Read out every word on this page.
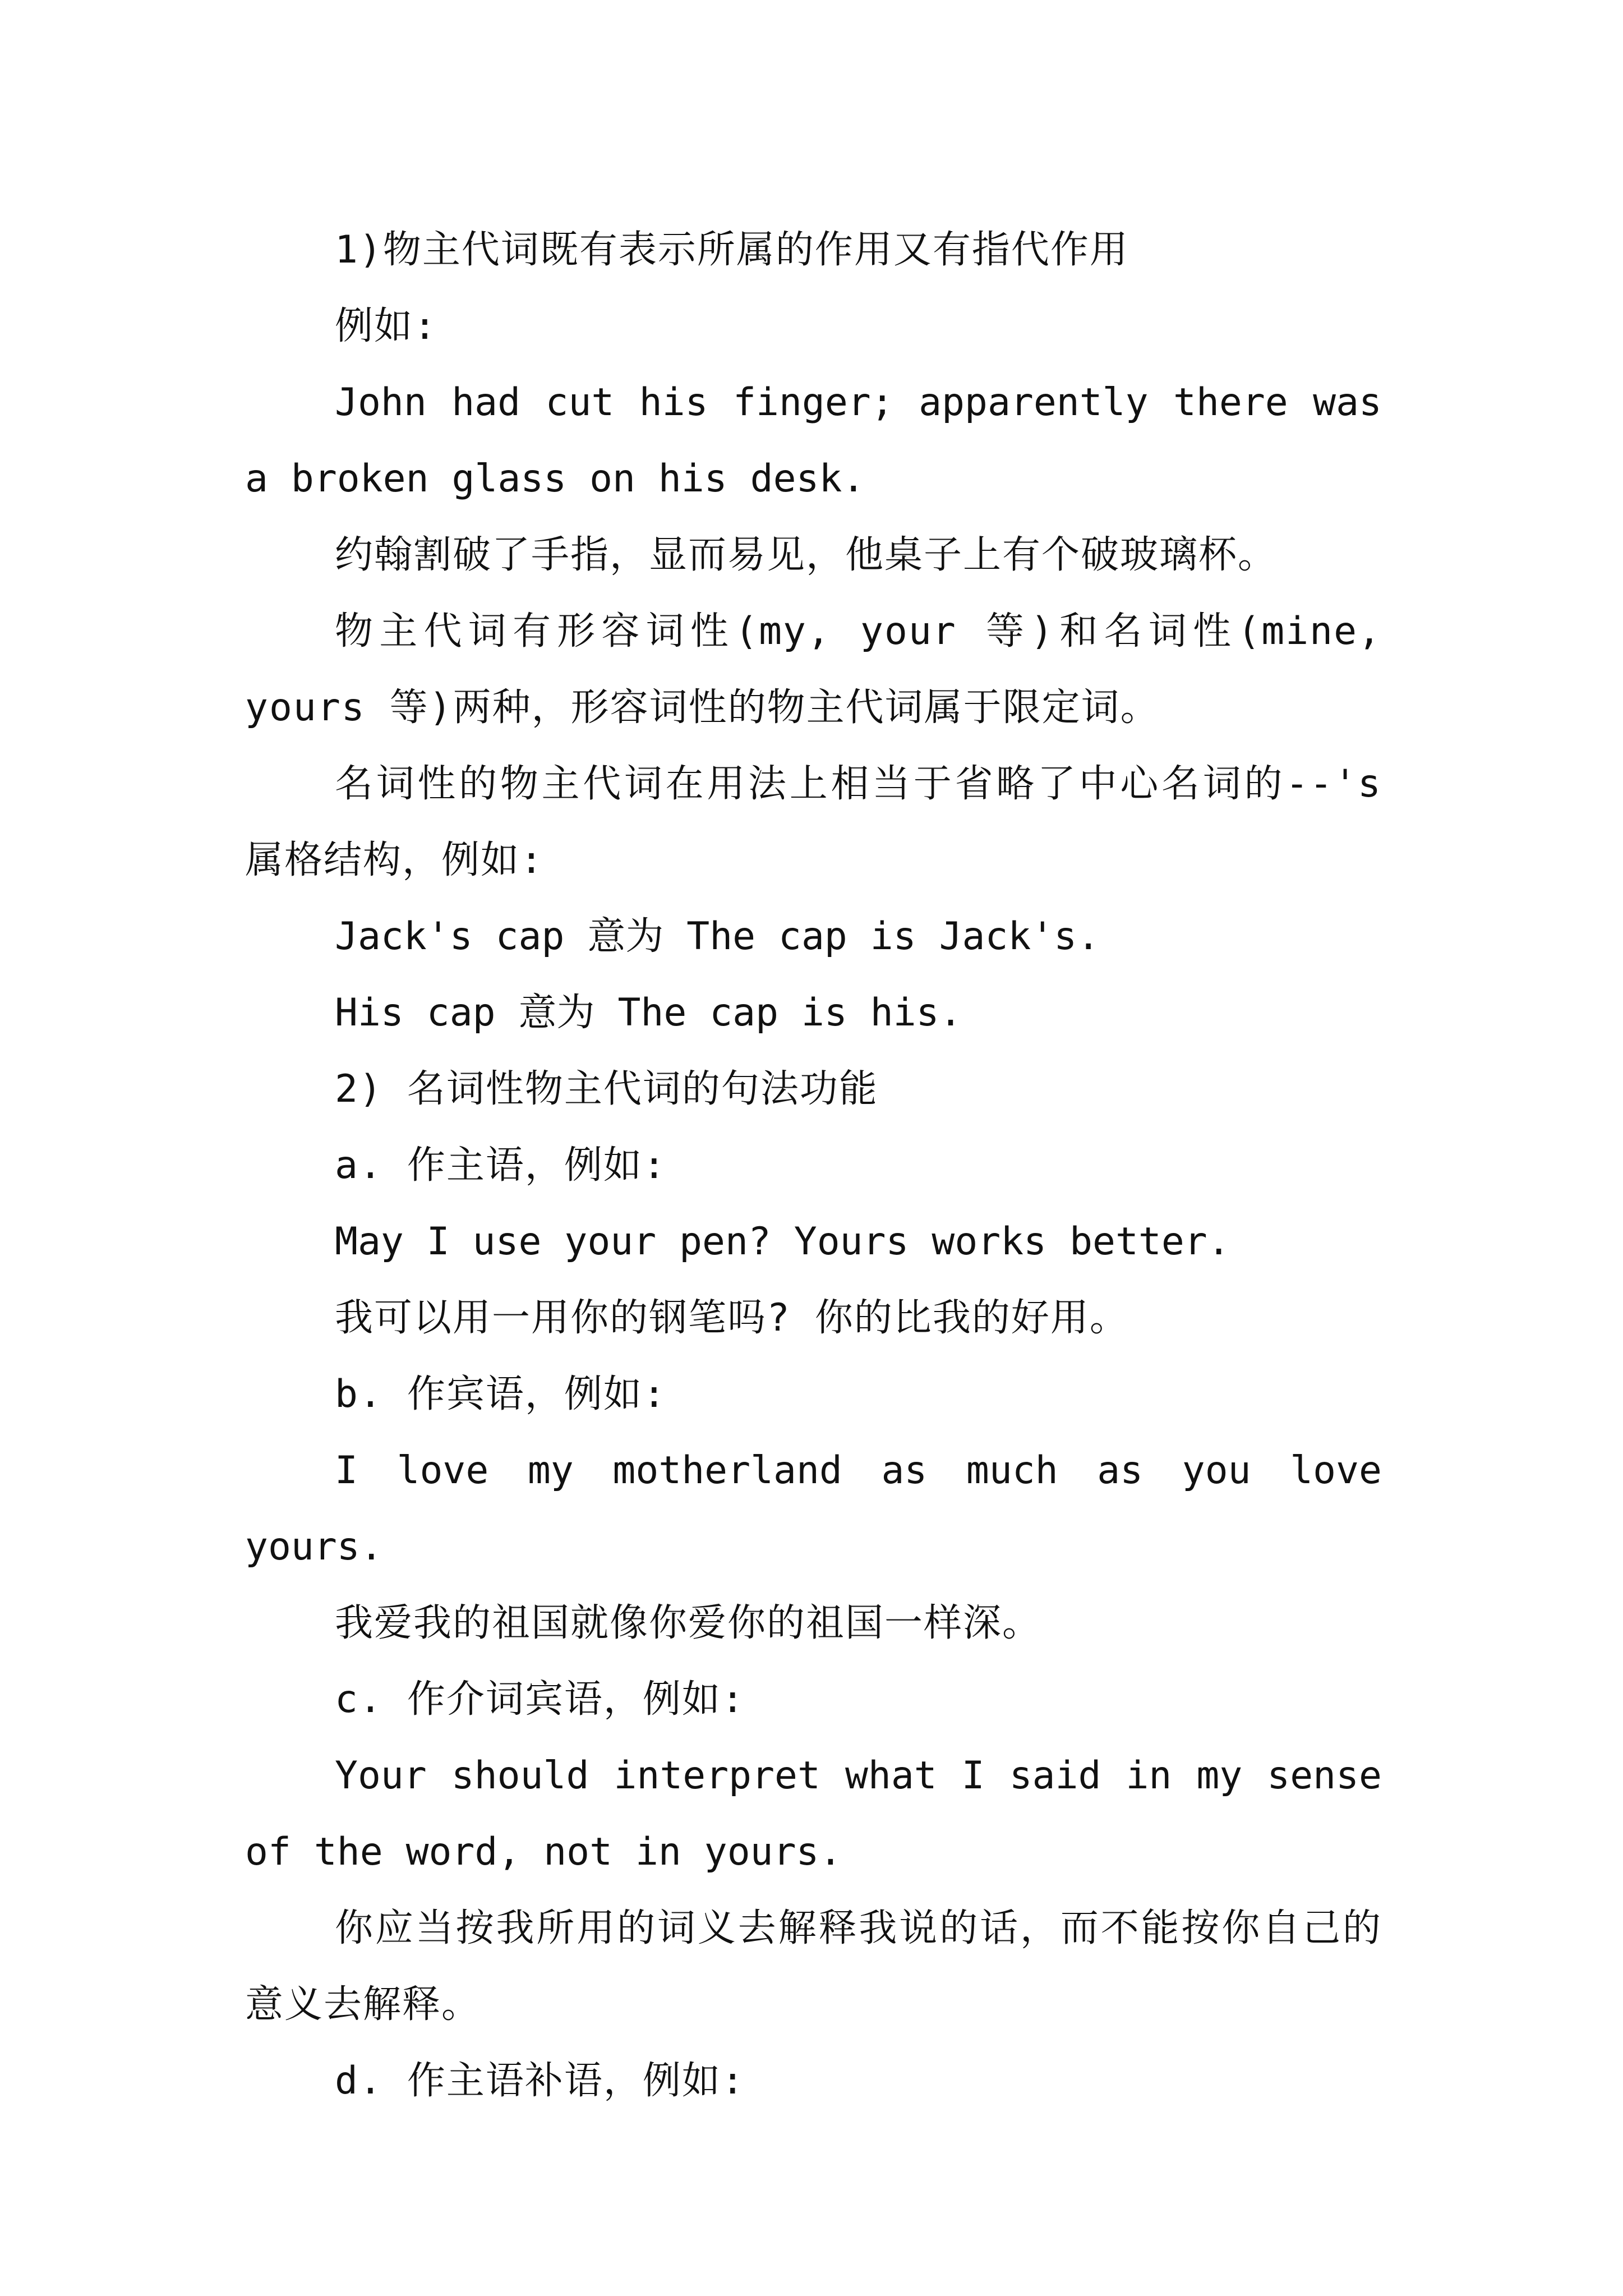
1)物主代词既有表示所属的作用又有指代作用

例如:

John had cut his finger; apparently there was a broken glass on his desk.

约翰割破了手指，显而易见，他桌子上有个破玻璃杯。

物主代词有形容词性(my, your 等)和名词性(mine, yours 等)两种，形容词性的物主代词属于限定词。

名词性的物主代词在用法上相当于省略了中心名词的--'s 属格结构，例如:

Jack's cap 意为 The cap is Jack's.

His cap 意为 The cap is his.

2) 名词性物主代词的句法功能

a. 作主语，例如:

May I use your pen? Yours works better.

我可以用一用你的钢笔吗? 你的比我的好用。

b. 作宾语，例如:

I love my motherland as much as you love yours.

我爱我的祖国就像你爱你的祖国一样深。

c. 作介词宾语，例如:

Your should interpret what I said in my sense of the word, not in yours.

你应当按我所用的词义去解释我说的话，而不能按你自己的意义去解释。

d. 作主语补语，例如:
